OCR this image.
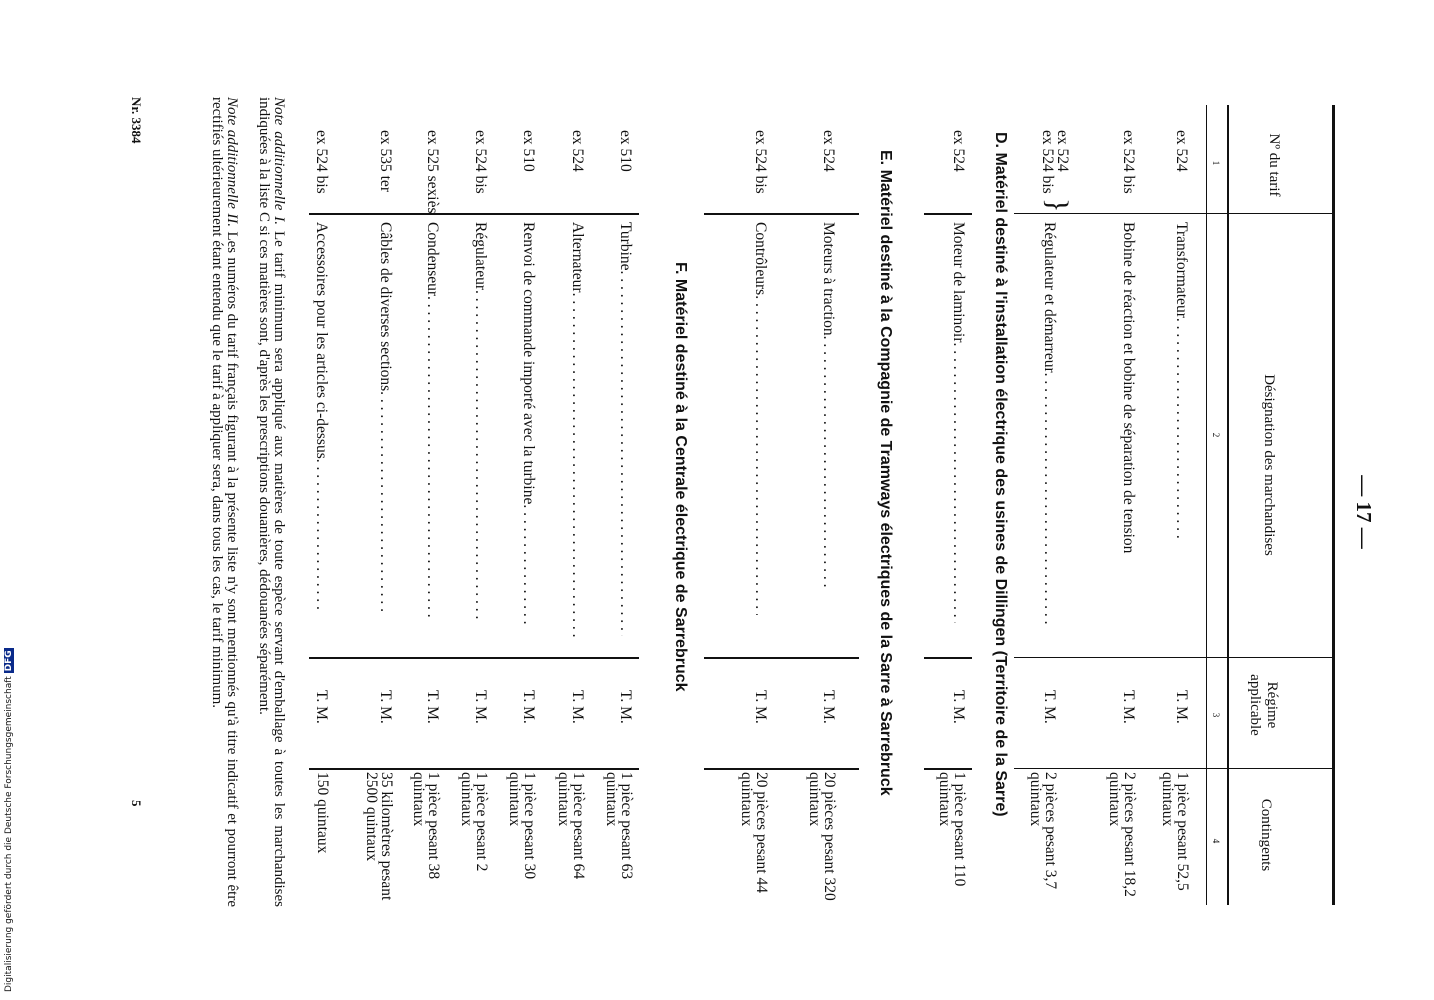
Digitalisierung gefördert durch die Deutsche Forschungsgemeinschaft DFG
— 17 —
Nº du tarif
Désignation des marchandises
Régime applicable
Contingents
1
2
3
4
ex 524
Transformateur. . .
T. M.
1 pièce pesant 52,5 quintaux
ex 524 bis
Bobine de réaction et bobine de séparation de tension
T. M.
2 pièces pesant 18,2 quintaux
ex 524
ex 524 bis
}
Régulateur et démarreur. . .
T. M.
2 pièces pesant 3,7 quintaux
D. Matériel destiné à l'installation électrique des usines de Dillingen (Territoire de la Sarre)
ex 524
Moteur de laminoir. . .
T. M.
1 pièce pesant 110 quintaux
E. Matériel destiné à la Compagnie de Tramways électriques de la Sarre à Sarrebruck
ex 524
Moteurs à traction. . .
T. M.
20 pièces pesant 320 quintaux
ex 524 bis
Contrôleurs. . .
T. M.
20 pièces pesant 44 quintaux
F. Matériel destiné à la Centrale électrique de Sarrebruck
ex 510
Turbine. . .
T. M.
1 pièce pesant 63 quintaux
ex 524
Alternateur. . .
T. M.
1 pièce pesant 64 quintaux
ex 510
Renvoi de commande importé avec la turbine. . .
T. M.
1 pièce pesant 30 quintaux
ex 524 bis
Régulateur. . .
T. M.
1 pièce pesant 2 quintaux
ex 525 sexiès
Condenseur. . .
T. M.
1 pièce pesant 38 quintaux
ex 535 ter
Câbles de diverses sections. . .
T. M.
35 kilomètres pesant 2500 quintaux
ex 524 bis
Accessoires pour les articles ci-dessus. . .
T. M.
150 quintaux
Note additionnelle I. Le tarif minimum sera appliqué aux matières de toute espèce servant d'emballage à toutes les marchandises indiquées à la liste C si ces matières sont, d'après les prescriptions douanières, dédouanées séparément.
Note additionnelle II. Les numéros du tarif français figurant à la présente liste n'y sont mentionnés qu'à titre indicatif et pourront être rectifiés ultérieurement étant entendu que le tarif à appliquer sera, dans tous les cas, le tarif minimum.
Nr. 3384
5
